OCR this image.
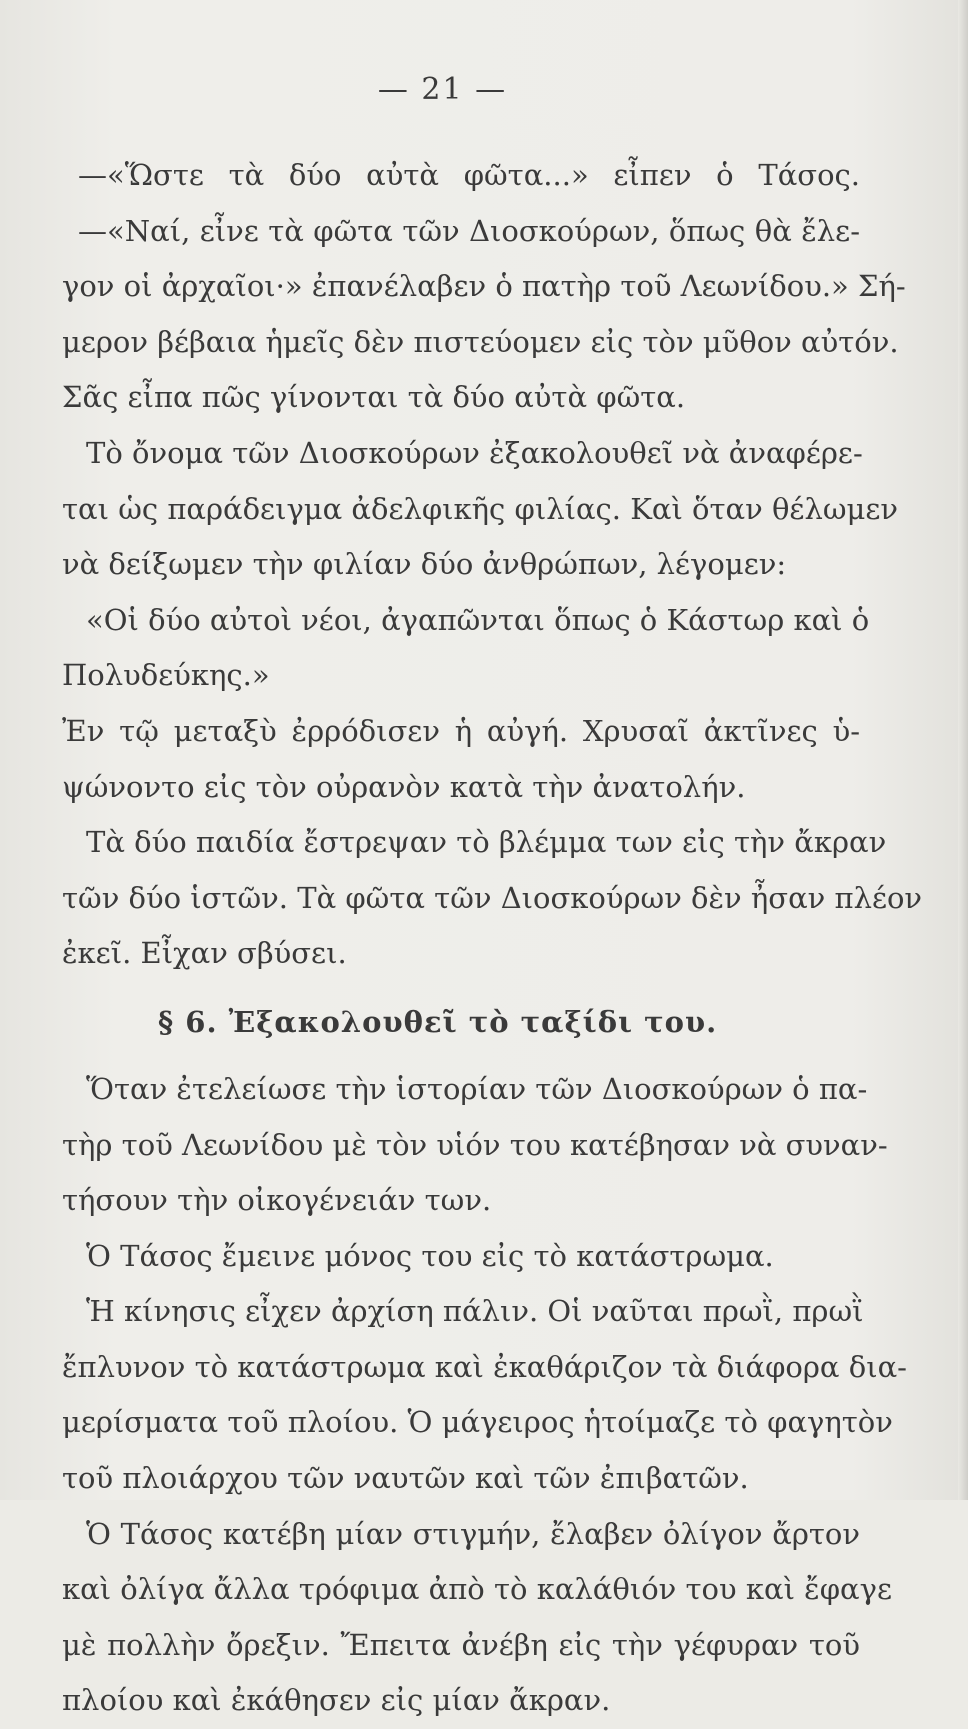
— 21 —
—«Ὥστε τὰ δύο αὐτὰ φῶτα...» εἶπεν ὁ Τάσος.
—«Ναί, εἶνε τὰ φῶτα τῶν Διοσκούρων, ὅπως θὰ ἔλε-
γον οἱ ἀρχαῖοι·» ἐπανέλαβεν ὁ πατὴρ τοῦ Λεωνίδου.» Σή-
μερον βέβαια ἡμεῖς δὲν πιστεύομεν εἰς τὸν μῦθον αὐτόν.
Σᾶς εἶπα πῶς γίνονται τὰ δύο αὐτὰ φῶτα.
Τὸ ὄνομα τῶν Διοσκούρων ἐξακολουθεῖ νὰ ἀναφέρε-
ται ὡς παράδειγμα ἀδελφικῆς φιλίας. Καὶ ὅταν θέλωμεν
νὰ δείξωμεν τὴν φιλίαν δύο ἀνθρώπων, λέγομεν:
«Οἱ δύο αὐτοὶ νέοι, ἀγαπῶνται ὅπως ὁ Κάστωρ καὶ ὁ
Πολυδεύκης.»
Ἐν τῷ μεταξὺ ἐρρόδισεν ἡ αὐγή. Χρυσαῖ ἀκτῖνες ὑ-
ψώνοντο εἰς τὸν οὐρανὸν κατὰ τὴν ἀνατολήν.
Τὰ δύο παιδία ἔστρεψαν τὸ βλέμμα των εἰς τὴν ἄκραν
τῶν δύο ἱστῶν. Τὰ φῶτα τῶν Διοσκούρων δὲν ἦσαν πλέον
ἐκεῖ. Εἶχαν σβύσει.
§ 6. Ἐξακολουθεῖ τὸ ταξίδι του.
Ὅταν ἐτελείωσε τὴν ἱστορίαν τῶν Διοσκούρων ὁ πα-
τὴρ τοῦ Λεωνίδου μὲ τὸν υἱόν του κατέβησαν νὰ συναν-
τήσουν τὴν οἰκογένειάν των.
Ὁ Τάσος ἔμεινε μόνος του εἰς τὸ κατάστρωμα.
Ἡ κίνησις εἶχεν ἀρχίση πάλιν. Οἱ ναῦται πρωῒ, πρωῒ
ἔπλυνον τὸ κατάστρωμα καὶ ἐκαθάριζον τὰ διάφορα δια-
μερίσματα τοῦ πλοίου. Ὁ μάγειρος ἡτοίμαζε τὸ φαγητὸν
τοῦ πλοιάρχου τῶν ναυτῶν καὶ τῶν ἐπιβατῶν.
Ὁ Τάσος κατέβη μίαν στιγμήν, ἔλαβεν ὀλίγον ἄρτον
καὶ ὀλίγα ἄλλα τρόφιμα ἀπὸ τὸ καλάθιόν του καὶ ἔφαγε
μὲ πολλὴν ὄρεξιν. Ἔπειτα ἀνέβη εἰς τὴν γέφυραν τοῦ
πλοίου καὶ ἐκάθησεν εἰς μίαν ἄκραν.
